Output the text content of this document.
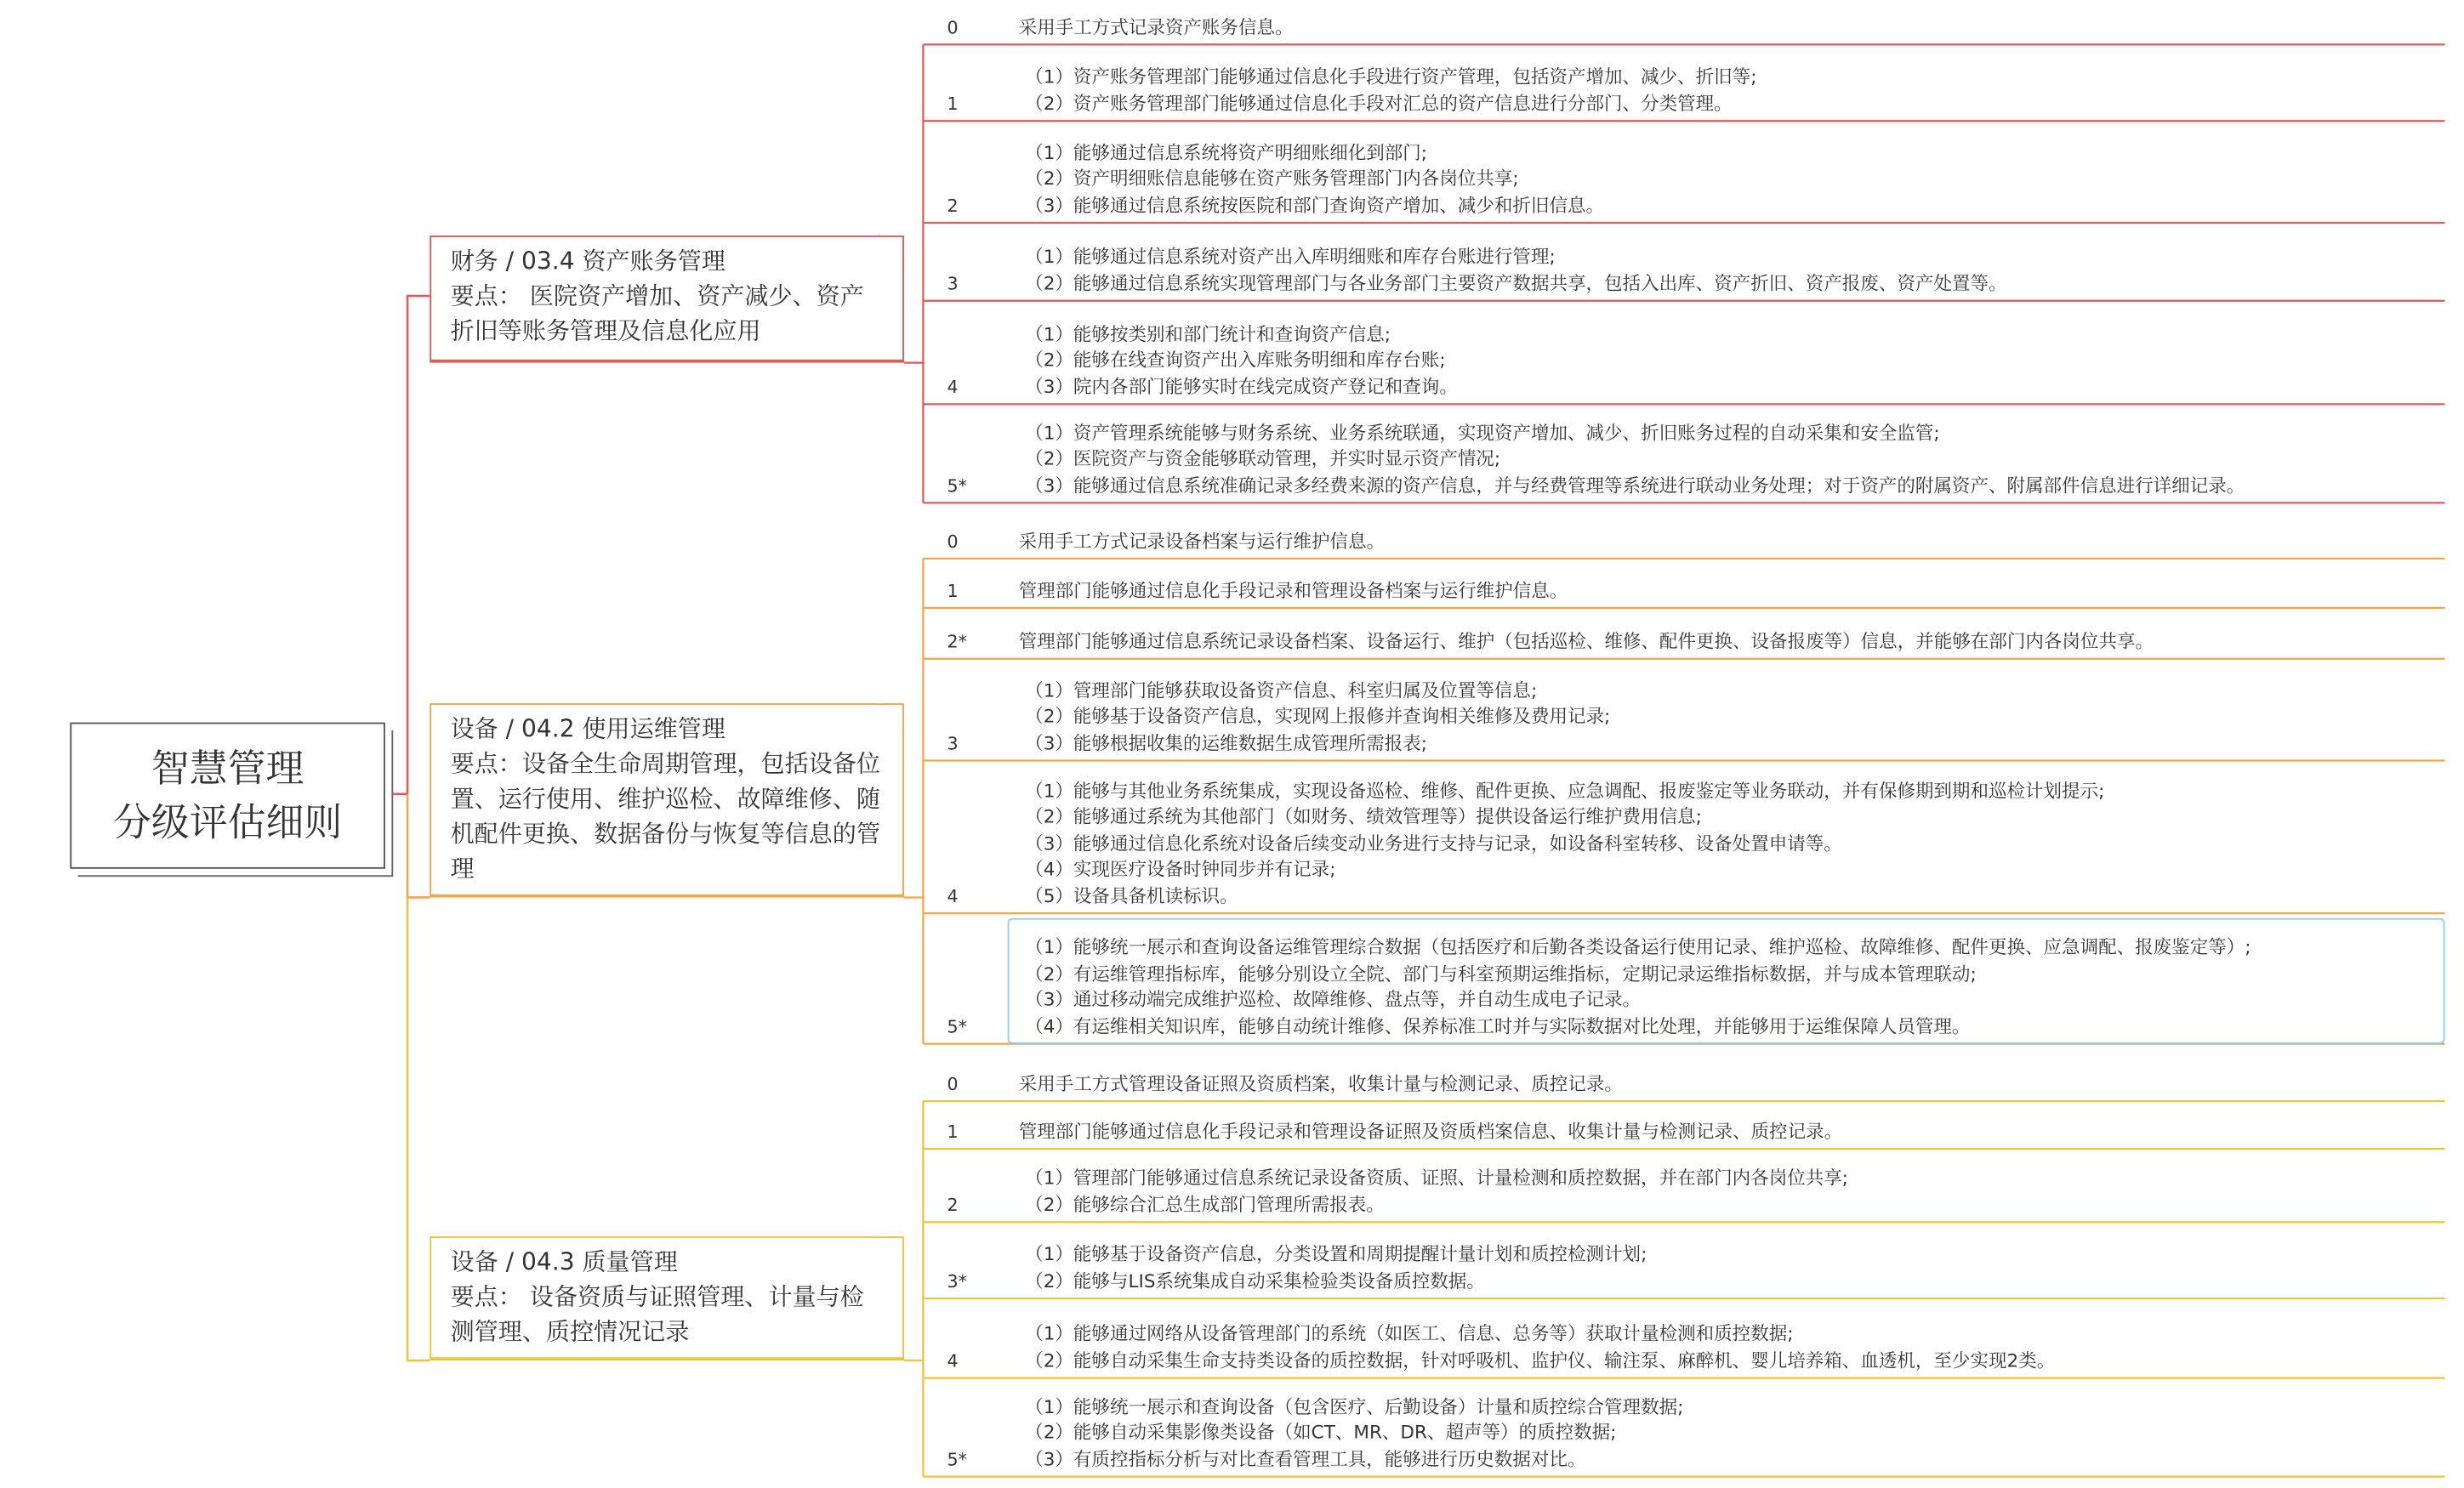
智慧管理
分级评估细则
财务 / 03.4 资产账务管理
要点： 医院资产增加、资产减少、资产折旧等账务管理及信息化应用
设备 / 04.2 使用运维管理
要点：设备全生命周期管理，包括设备位置、运行使用、维护巡检、故障维修、随机配件更换、数据备份与恢复等信息的管理
设备 / 04.3 质量管理
要点： 设备资质与证照管理、计量与检测管理、质控情况记录
0	采用手工方式记录资产账务信息。
1
（1）资产账务管理部门能够通过信息化手段进行资产管理，包括资产增加、减少、折旧等;
（2）资产账务管理部门能够通过信息化手段对汇总的资产信息进行分部门、分类管理。
2
（1）能够通过信息系统将资产明细账细化到部门;
（2）资产明细账信息能够在资产账务管理部门内各岗位共享;
（3）能够通过信息系统按医院和部门查询资产增加、减少和折旧信息。
3
（1）能够通过信息系统对资产出入库明细账和库存台账进行管理;
（2）能够通过信息系统实现管理部门与各业务部门主要资产数据共享，包括入出库、资产折旧、资产报废、资产处置等。
4
（1）能够按类别和部门统计和查询资产信息;
（2）能够在线查询资产出入库账务明细和库存台账;
（3）院内各部门能够实时在线完成资产登记和查询。
5*
（1）资产管理系统能够与财务系统、业务系统联通，实现资产增加、减少、折旧账务过程的自动采集和安全监管;
（2）医院资产与资金能够联动管理，并实时显示资产情况;
（3）能够通过信息系统准确记录多经费来源的资产信息，并与经费管理等系统进行联动业务处理；对于资产的附属资产、附属部件信息进行详细记录。
0	采用手工方式记录设备档案与运行维护信息。
1	管理部门能够通过信息化手段记录和管理设备档案与运行维护信息。
2*	管理部门能够通过信息系统记录设备档案、设备运行、维护（包括巡检、维修、配件更换、设备报废等）信息，并能够在部门内各岗位共享。
3
（1）管理部门能够获取设备资产信息、科室归属及位置等信息;
（2）能够基于设备资产信息，实现网上报修并查询相关维修及费用记录;
（3）能够根据收集的运维数据生成管理所需报表;
4
（1）能够与其他业务系统集成，实现设备巡检、维修、配件更换、应急调配、报废鉴定等业务联动，并有保修期到期和巡检计划提示;
（2）能够通过系统为其他部门（如财务、绩效管理等）提供设备运行维护费用信息;
（3）能够通过信息化系统对设备后续变动业务进行支持与记录，如设备科室转移、设备处置申请等。
（4）实现医疗设备时钟同步并有记录;
（5）设备具备机读标识。
5*
（1）能够统一展示和查询设备运维管理综合数据（包括医疗和后勤各类设备运行使用记录、维护巡检、故障维修、配件更换、应急调配、报废鉴定等）;
（2）有运维管理指标库，能够分别设立全院、部门与科室预期运维指标，定期记录运维指标数据，并与成本管理联动;
（3）通过移动端完成维护巡检、故障维修、盘点等，并自动生成电子记录。
（4）有运维相关知识库，能够自动统计维修、保养标准工时并与实际数据对比处理，并能够用于运维保障人员管理。
0	采用手工方式管理设备证照及资质档案，收集计量与检测记录、质控记录。
1	管理部门能够通过信息化手段记录和管理设备证照及资质档案信息、收集计量与检测记录、质控记录。
2
（1）管理部门能够通过信息系统记录设备资质、证照、计量检测和质控数据，并在部门内各岗位共享;
（2）能够综合汇总生成部门管理所需报表。
3*
（1）能够基于设备资产信息，分类设置和周期提醒计量计划和质控检测计划;
（2）能够与LIS系统集成自动采集检验类设备质控数据。
4
（1）能够通过网络从设备管理部门的系统（如医工、信息、总务等）获取计量检测和质控数据;
（2）能够自动采集生命支持类设备的质控数据，针对呼吸机、监护仪、输注泵、麻醉机、婴儿培养箱、血透机，至少实现2类。
5*
（1）能够统一展示和查询设备（包含医疗、后勤设备）计量和质控综合管理数据;
（2）能够自动采集影像类设备（如CT、MR、DR、超声等）的质控数据;
（3）有质控指标分析与对比查看管理工具，能够进行历史数据对比。
